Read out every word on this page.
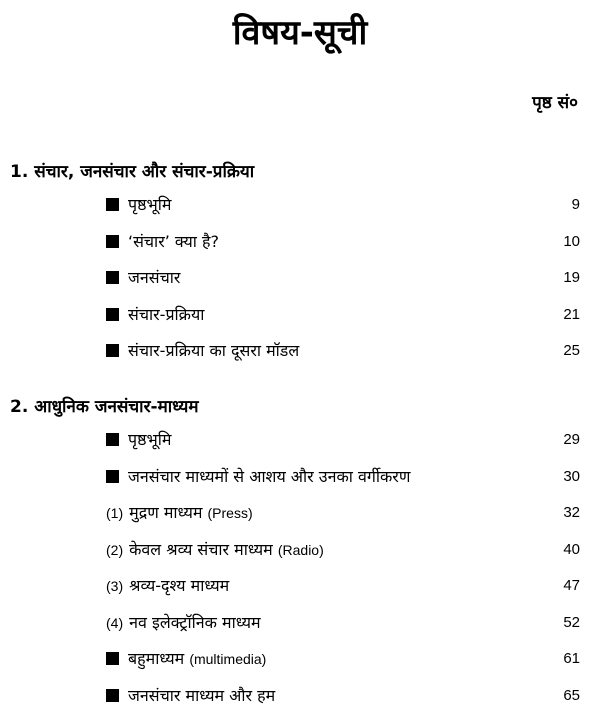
विषय-सूची
पृष्ठ सं०
1. संचार, जनसंचार और संचार-प्रक्रिया
पृष्ठभूमि	9
‘संचार’ क्या है?	10
जनसंचार	19
संचार-प्रक्रिया	21
संचार-प्रक्रिया का दूसरा मॉडल	25
2. आधुनिक जनसंचार-माध्यम
पृष्ठभूमि	29
जनसंचार माध्यमों से आशय और उनका वर्गीकरण	30
(1) मुद्रण माध्यम (Press)	32
(2) केवल श्रव्य संचार माध्यम (Radio)	40
(3) श्रव्य-दृश्य माध्यम	47
(4) नव इलेक्ट्रॉनिक माध्यम	52
बहुमाध्यम (multimedia)	61
जनसंचार माध्यम और हम	65
